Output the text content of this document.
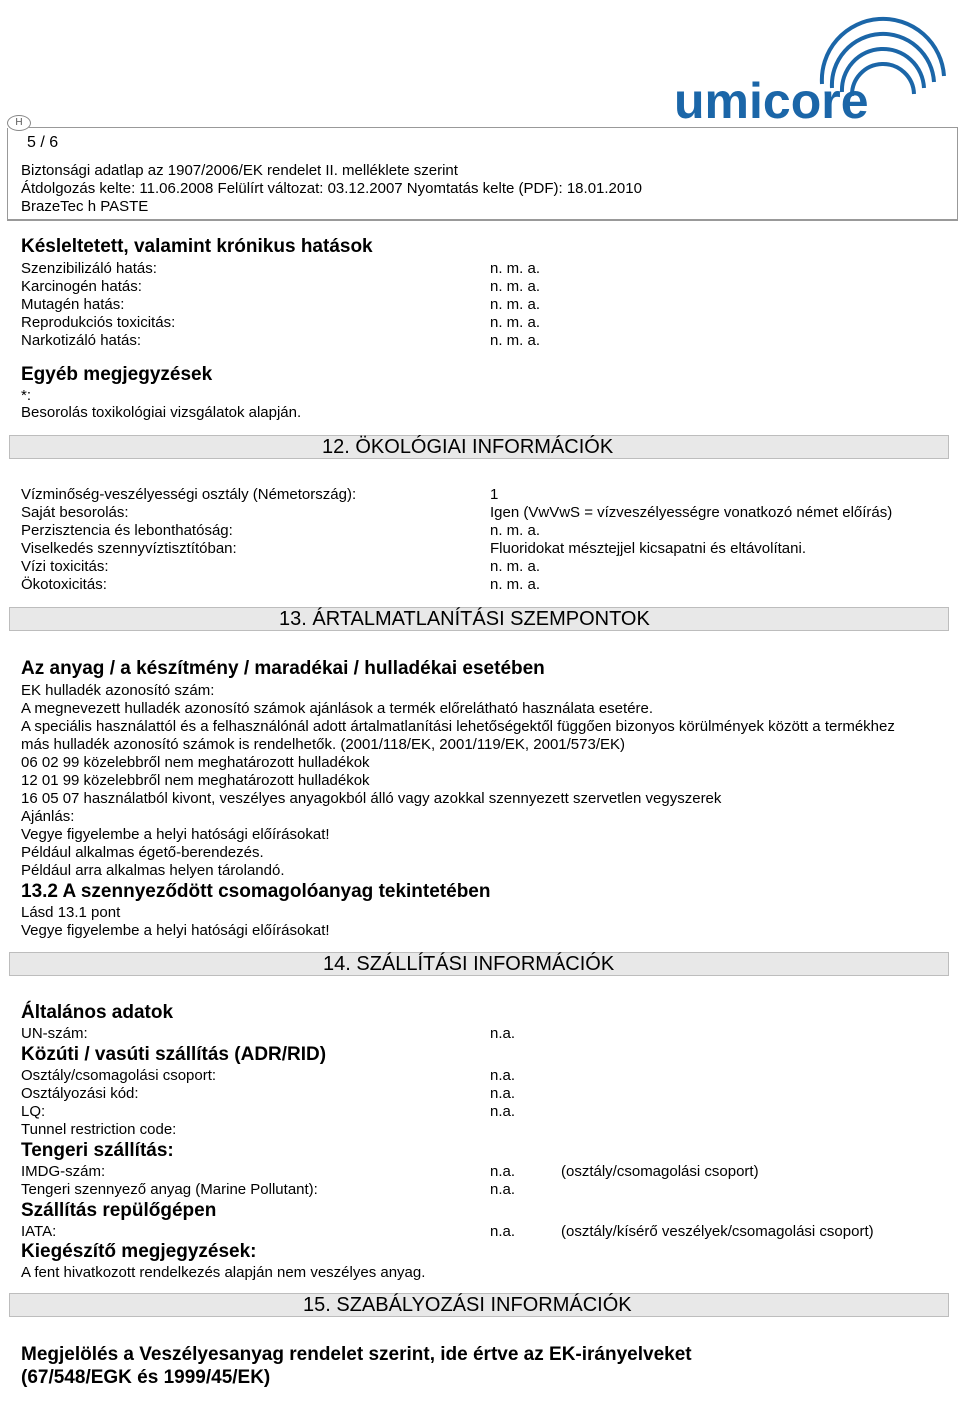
umicore
H
5 / 6
Biztonsági adatlap az 1907/2006/EK rendelet II. melléklete szerint
Átdolgozás kelte: 11.06.2008 Felülírt változat: 03.12.2007 Nyomtatás kelte (PDF): 18.01.2010
BrazeTec h PASTE
Késleltetett, valamint krónikus hatások
Szenzibilizáló hatás:	n. m. a.
Karcinogén hatás:	n. m. a.
Mutagén hatás:	n. m. a.
Reprodukciós toxicitás:	n. m. a.
Narkotizáló hatás:	n. m. a.
Egyéb megjegyzések
*:
Besorolás toxikológiai vizsgálatok alapján.
12. ÖKOLÓGIAI INFORMÁCIÓK
Vízminőség-veszélyességi osztály (Németország):	1
Saját besorolás:	Igen (VwVwS = vízveszélyességre vonatkozó német előírás)
Perzisztencia és lebonthatóság:	n. m. a.
Viselkedés szennyvíztisztítóban:	Fluoridokat mésztejjel kicsapatni és eltávolítani.
Vízi toxicitás:	n. m. a.
Ökotoxicitás:	n. m. a.
13. ÁRTALMATLANÍTÁSI SZEMPONTOK
Az anyag / a készítmény / maradékai / hulladékai esetében
EK hulladék azonosító szám:
A megnevezett hulladék azonosító számok ajánlások a termék előrelátható használata esetére.
A speciális használattól és a felhasználónál adott ártalmatlanítási lehetőségektől függően bizonyos körülmények között a termékhez
más hulladék azonosító számok is rendelhetők. (2001/118/EK, 2001/119/EK, 2001/573/EK)
06 02 99 közelebbről nem meghatározott hulladékok
12 01 99 közelebbről nem meghatározott hulladékok
16 05 07 használatból kivont, veszélyes anyagokból álló vagy azokkal szennyezett szervetlen vegyszerek
Ajánlás:
Vegye figyelembe a helyi hatósági előírásokat!
Például alkalmas égető-berendezés.
Például arra alkalmas helyen tárolandó.
13.2 A szennyeződött csomagolóanyag tekintetében
Lásd 13.1 pont
Vegye figyelembe a helyi hatósági előírásokat!
14. SZÁLLÍTÁSI INFORMÁCIÓK
Általános adatok
UN-szám:	n.a.
Közúti / vasúti szállítás (ADR/RID)
Osztály/csomagolási csoport:	n.a.
Osztályozási kód:	n.a.
LQ:	n.a.
Tunnel restriction code:
Tengeri szállítás:
IMDG-szám:	n.a.	(osztály/csomagolási csoport)
Tengeri szennyező anyag (Marine Pollutant):	n.a.
Szállítás repülőgépen
IATA:	n.a.	(osztály/kísérő veszélyek/csomagolási csoport)
Kiegészítő megjegyzések:
A fent hivatkozott rendelkezés alapján nem veszélyes anyag.
15. SZABÁLYOZÁSI INFORMÁCIÓK
Megjelölés a Veszélyesanyag rendelet szerint, ide értve az EK-irányelveket
(67/548/EGK és 1999/45/EK)
